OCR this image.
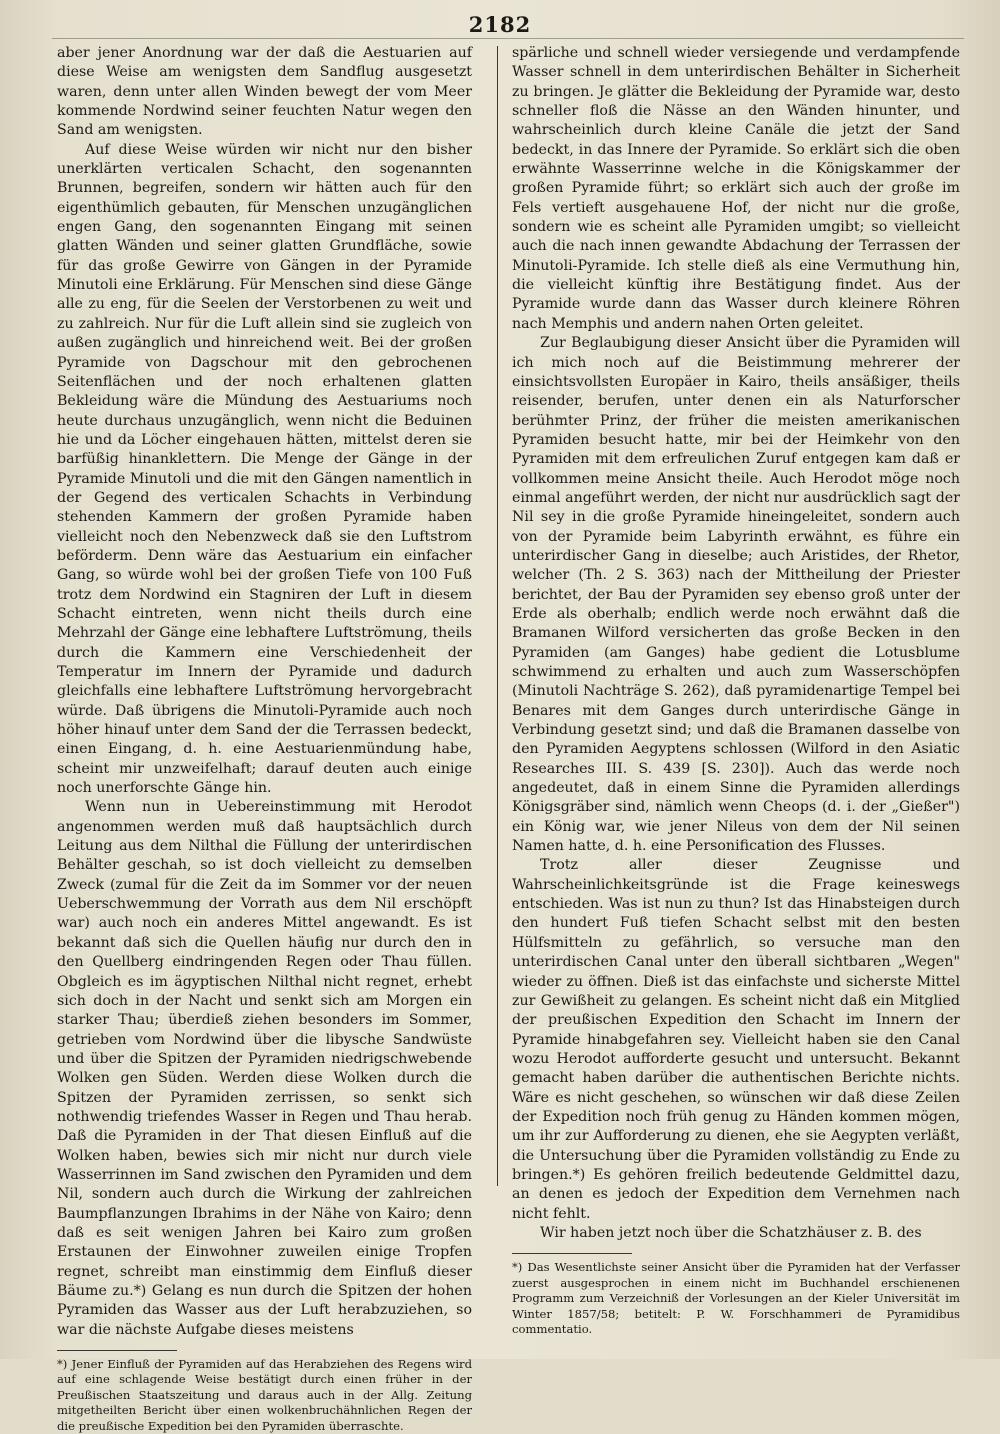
2182

aber jener Anordnung war der daß die Aestuarien auf diese Weise am wenigsten dem Sandflug ausgesetzt waren, denn unter allen Winden bewegt der vom Meer kommende Nordwind seiner feuchten Natur wegen den Sand am wenigsten.

Auf diese Weise würden wir nicht nur den bisher unerklärten verticalen Schacht, den sogenannten Brunnen, begreifen, sondern wir hätten auch für den eigenthümlich gebauten, für Menschen unzugänglichen engen Gang, den sogenannten Eingang mit seinen glatten Wänden und seiner glatten Grundfläche, sowie für das große Gewirre von Gängen in der Pyramide Minutoli eine Erklärung. Für Menschen sind diese Gänge alle zu eng, für die Seelen der Verstorbenen zu weit und zu zahlreich. Nur für die Luft allein sind sie zugleich von außen zugänglich und hinreichend weit. Bei der großen Pyramide von Dagschour mit den gebrochenen Seitenflächen und der noch erhaltenen glatten Bekleidung wäre die Mündung des Aestuariums noch heute durchaus unzugänglich, wenn nicht die Beduinen hie und da Löcher eingehauen hätten, mittelst deren sie barfüßig hinanklettern. Die Menge der Gänge in der Pyramide Minutoli und die mit den Gängen namentlich in der Gegend des verticalen Schachts in Verbindung stehenden Kammern der großen Pyramide haben vielleicht noch den Nebenzweck daß sie den Luftstrom beförderm. Denn wäre das Aestuarium ein einfacher Gang, so würde wohl bei der großen Tiefe von 100 Fuß trotz dem Nordwind ein Stagniren der Luft in diesem Schacht eintreten, wenn nicht theils durch eine Mehrzahl der Gänge eine lebhaftere Luftströmung, theils durch die Kammern eine Verschiedenheit der Temperatur im Innern der Pyramide und dadurch gleichfalls eine lebhaftere Luftströmung hervorgebracht würde. Daß übrigens die Minutoli-Pyramide auch noch höher hinauf unter dem Sand der die Terrassen bedeckt, einen Eingang, d. h. eine Aestuarienmündung habe, scheint mir unzweifelhaft; darauf deuten auch einige noch unerforschte Gänge hin.

Wenn nun in Uebereinstimmung mit Herodot angenommen werden muß daß hauptsächlich durch Leitung aus dem Nilthal die Füllung der unterirdischen Behälter geschah, so ist doch vielleicht zu demselben Zweck (zumal für die Zeit da im Sommer vor der neuen Ueberschwemmung der Vorrath aus dem Nil erschöpft war) auch noch ein anderes Mittel angewandt. Es ist bekannt daß sich die Quellen häufig nur durch den in den Quellberg eindringenden Regen oder Thau füllen. Obgleich es im ägyptischen Nilthal nicht regnet, erhebt sich doch in der Nacht und senkt sich am Morgen ein starker Thau; überdieß ziehen besonders im Sommer, getrieben vom Nordwind über die libysche Sandwüste und über die Spitzen der Pyramiden niedrigschwebende Wolken gen Süden. Werden diese Wolken durch die Spitzen der Pyramiden zerrissen, so senkt sich nothwendig triefendes Wasser in Regen und Thau herab. Daß die Pyramiden in der That diesen Einfluß auf die Wolken haben, bewies sich mir nicht nur durch viele Wasserrinnen im Sand zwischen den Pyramiden und dem Nil, sondern auch durch die Wirkung der zahlreichen Baumpflanzungen Ibrahims in der Nähe von Kairo; denn daß es seit wenigen Jahren bei Kairo zum großen Erstaunen der Einwohner zuweilen einige Tropfen regnet, schreibt man einstimmig dem Einfluß dieser Bäume zu.*) Gelang es nun durch die Spitzen der hohen Pyramiden das Wasser aus der Luft herabzuziehen, so war die nächste Aufgabe dieses meistens

*) Jener Einfluß der Pyramiden auf das Herabziehen des Regens wird auf eine schlagende Weise bestätigt durch einen früher in der Preußischen Staatszeitung und daraus auch in der Allg. Zeitung mitgetheilten Bericht über einen wolkenbruchähnlichen Regen der die preußische Expedition bei den Pyramiden überraschte.

spärliche und schnell wieder versiegende und verdampfende Wasser schnell in dem unterirdischen Behälter in Sicherheit zu bringen. Je glätter die Bekleidung der Pyramide war, desto schneller floß die Nässe an den Wänden hinunter, und wahrscheinlich durch kleine Canäle die jetzt der Sand bedeckt, in das Innere der Pyramide. So erklärt sich die oben erwähnte Wasserrinne welche in die Königskammer der großen Pyramide führt; so erklärt sich auch der große im Fels vertieft ausgehauene Hof, der nicht nur die große, sondern wie es scheint alle Pyramiden umgibt; so vielleicht auch die nach innen gewandte Abdachung der Terrassen der Minutoli-Pyramide. Ich stelle dieß als eine Vermuthung hin, die vielleicht künftig ihre Bestätigung findet. Aus der Pyramide wurde dann das Wasser durch kleinere Röhren nach Memphis und andern nahen Orten geleitet.

Zur Beglaubigung dieser Ansicht über die Pyramiden will ich mich noch auf die Beistimmung mehrerer der einsichtsvollsten Europäer in Kairo, theils ansäßiger, theils reisender, berufen, unter denen ein als Naturforscher berühmter Prinz, der früher die meisten amerikanischen Pyramiden besucht hatte, mir bei der Heimkehr von den Pyramiden mit dem erfreulichen Zuruf entgegen kam daß er vollkommen meine Ansicht theile. Auch Herodot möge noch einmal angeführt werden, der nicht nur ausdrücklich sagt der Nil sey in die große Pyramide hineingeleitet, sondern auch von der Pyramide beim Labyrinth erwähnt, es führe ein unterirdischer Gang in dieselbe; auch Aristides, der Rhetor, welcher (Th. 2 S. 363) nach der Mittheilung der Priester berichtet, der Bau der Pyramiden sey ebenso groß unter der Erde als oberhalb; endlich werde noch erwähnt daß die Bramanen Wilford versicherten das große Becken in den Pyramiden (am Ganges) habe gedient die Lotusblume schwimmend zu erhalten und auch zum Wasserschöpfen (Minutoli Nachträge S. 262), daß pyramidenartige Tempel bei Benares mit dem Ganges durch unterirdische Gänge in Verbindung gesetzt sind; und daß die Bramanen dasselbe von den Pyramiden Aegyptens schlossen (Wilford in den Asiatic Researches III. S. 439 [S. 230]). Auch das werde noch angedeutet, daß in einem Sinne die Pyramiden allerdings Königsgräber sind, nämlich wenn Cheops (d. i. der „Gießer") ein König war, wie jener Nileus von dem der Nil seinen Namen hatte, d. h. eine Personification des Flusses.

Trotz aller dieser Zeugnisse und Wahrscheinlichkeitsgründe ist die Frage keineswegs entschieden. Was ist nun zu thun? Ist das Hinabsteigen durch den hundert Fuß tiefen Schacht selbst mit den besten Hülfsmitteln zu gefährlich, so versuche man den unterirdischen Canal unter den überall sichtbaren „Wegen" wieder zu öffnen. Dieß ist das einfachste und sicherste Mittel zur Gewißheit zu gelangen. Es scheint nicht daß ein Mitglied der preußischen Expedition den Schacht im Innern der Pyramide hinabgefahren sey. Vielleicht haben sie den Canal wozu Herodot aufforderte gesucht und untersucht. Bekannt gemacht haben darüber die authentischen Berichte nichts. Wäre es nicht geschehen, so wünschen wir daß diese Zeilen der Expedition noch früh genug zu Händen kommen mögen, um ihr zur Aufforderung zu dienen, ehe sie Aegypten verläßt, die Untersuchung über die Pyramiden vollständig zu Ende zu bringen.*) Es gehören freilich bedeutende Geldmittel dazu, an denen es jedoch der Expedition dem Vernehmen nach nicht fehlt.

Wir haben jetzt noch über die Schatzhäuser z. B. des

*) Das Wesentlichste seiner Ansicht über die Pyramiden hat der Verfasser zuerst ausgesprochen in einem nicht im Buchhandel erschienenen Programm zum Verzeichniß der Vorlesungen an der Kieler Universität im Winter 1857/58; betitelt: P. W. Forschhammeri de Pyramidibus commentatio.
